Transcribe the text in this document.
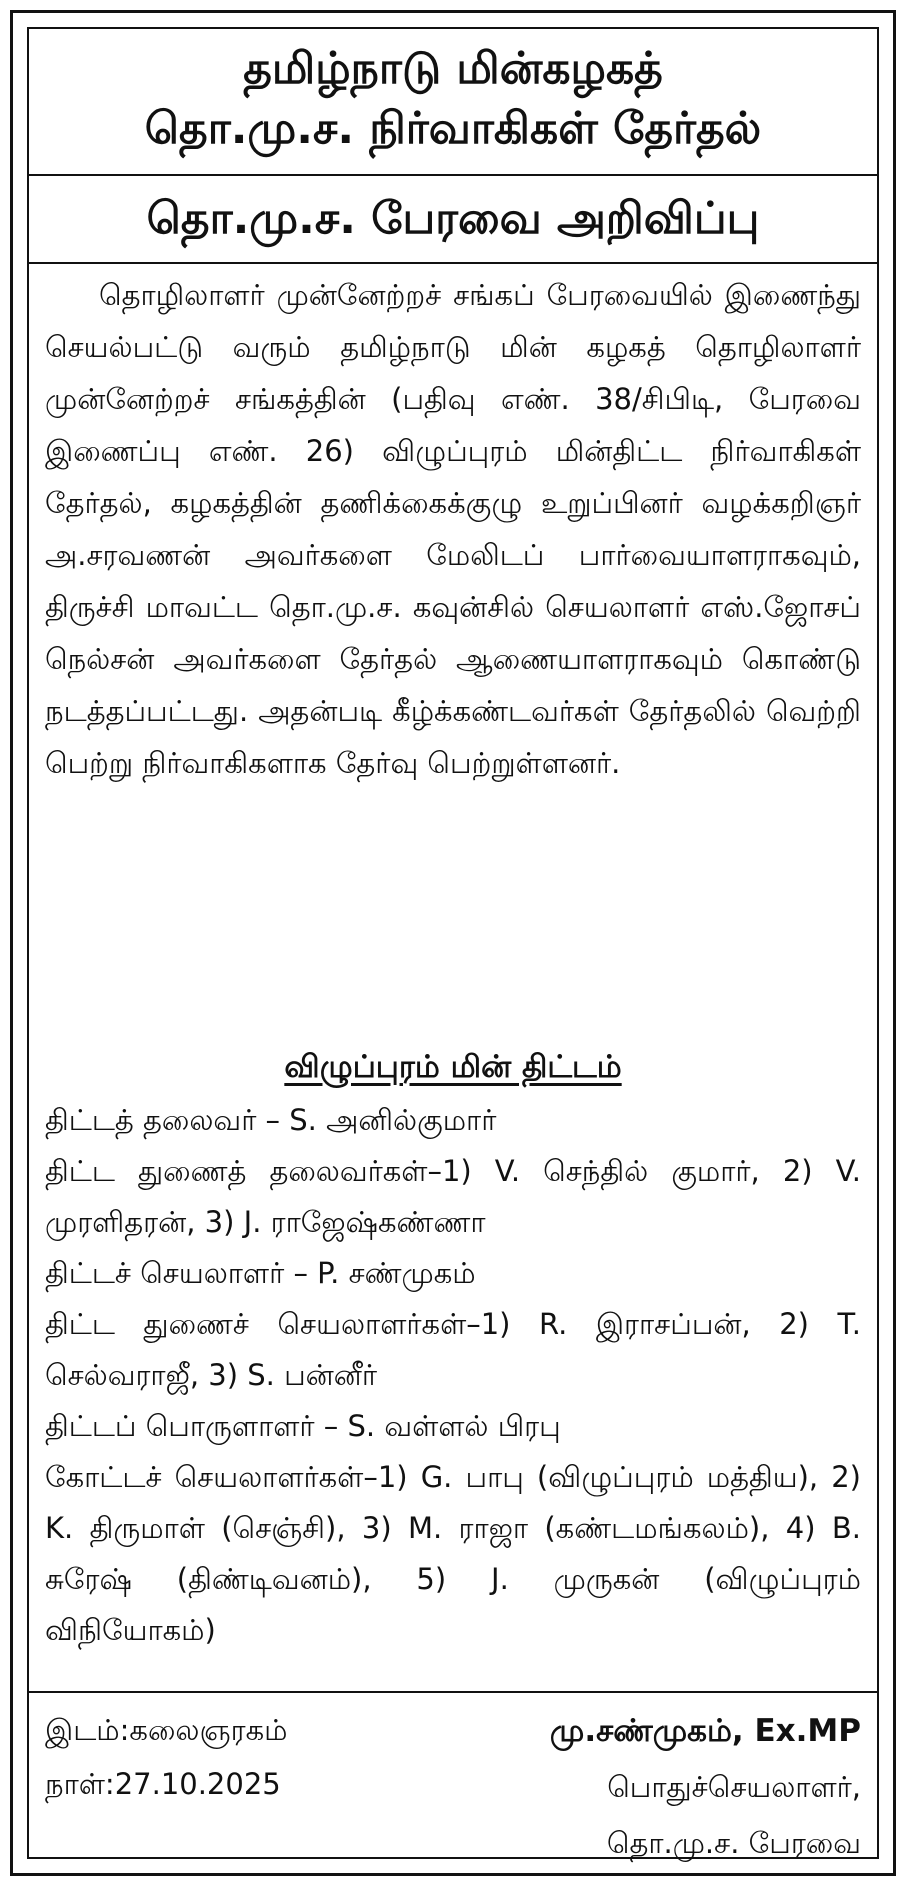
தமிழ்நாடு மின்கழகத்
தொ.மு.ச. நிர்வாகிகள் தேர்தல்
தொ.மு.ச. பேரவை அறிவிப்பு

தொழிலாளர் முன்னேற்றச் சங்கப் பேரவையில் இணைந்து செயல்பட்டு வரும் தமிழ்நாடு மின் கழகத் தொழிலாளர் முன்னேற்றச் சங்கத்தின் (பதிவு எண். 38/சிபிடி, பேரவை இணைப்பு எண். 26) விழுப்புரம் மின்திட்ட நிர்வாகிகள் தேர்தல், கழகத்தின் தணிக்கைக்குழு உறுப்பினர் வழக்கறிஞர் அ.சரவணன் அவர்களை மேலிடப் பார்வையாளராகவும், திருச்சி மாவட்ட தொ.மு.ச. கவுன்சில் செயலாளர் எஸ்.ஜோசப் நெல்சன் அவர்களை தேர்தல் ஆணையாளராகவும் கொண்டு நடத்தப்பட்டது. அதன்படி கீழ்க்கண்டவர்கள் தேர்தலில் வெற்றி பெற்று நிர்வாகிகளாக தேர்வு பெற்றுள்ளனர்.

விழுப்புரம் மின் திட்டம்

திட்டத் தலைவர் – S. அனில்குமார்

திட்ட துணைத் தலைவர்கள்–1) V. செந்தில் குமார், 2) V. முரளிதரன், 3) J. ராஜேஷ்கண்ணா

திட்டச் செயலாளர் – P. சண்முகம்

திட்ட துணைச் செயலாளர்கள்–1) R. இராசப்பன், 2) T. செல்வராஜீ, 3) S. பன்னீர்

திட்டப் பொருளாளர் – S. வள்ளல் பிரபு

கோட்டச் செயலாளர்கள்–1) G. பாபு (விழுப்புரம் மத்திய), 2) K. திருமாள் (செஞ்சி), 3) M. ராஜா (கண்டமங்கலம்), 4) B. சுரேஷ் (திண்டிவனம்), 5) J. முருகன் (விழுப்புரம் விநியோகம்)

இடம்:கலைஞரகம்
நாள்:27.10.2025
மு.சண்முகம், Ex.MP
பொதுச்செயலாளர்,
தொ.மு.ச. பேரவை
